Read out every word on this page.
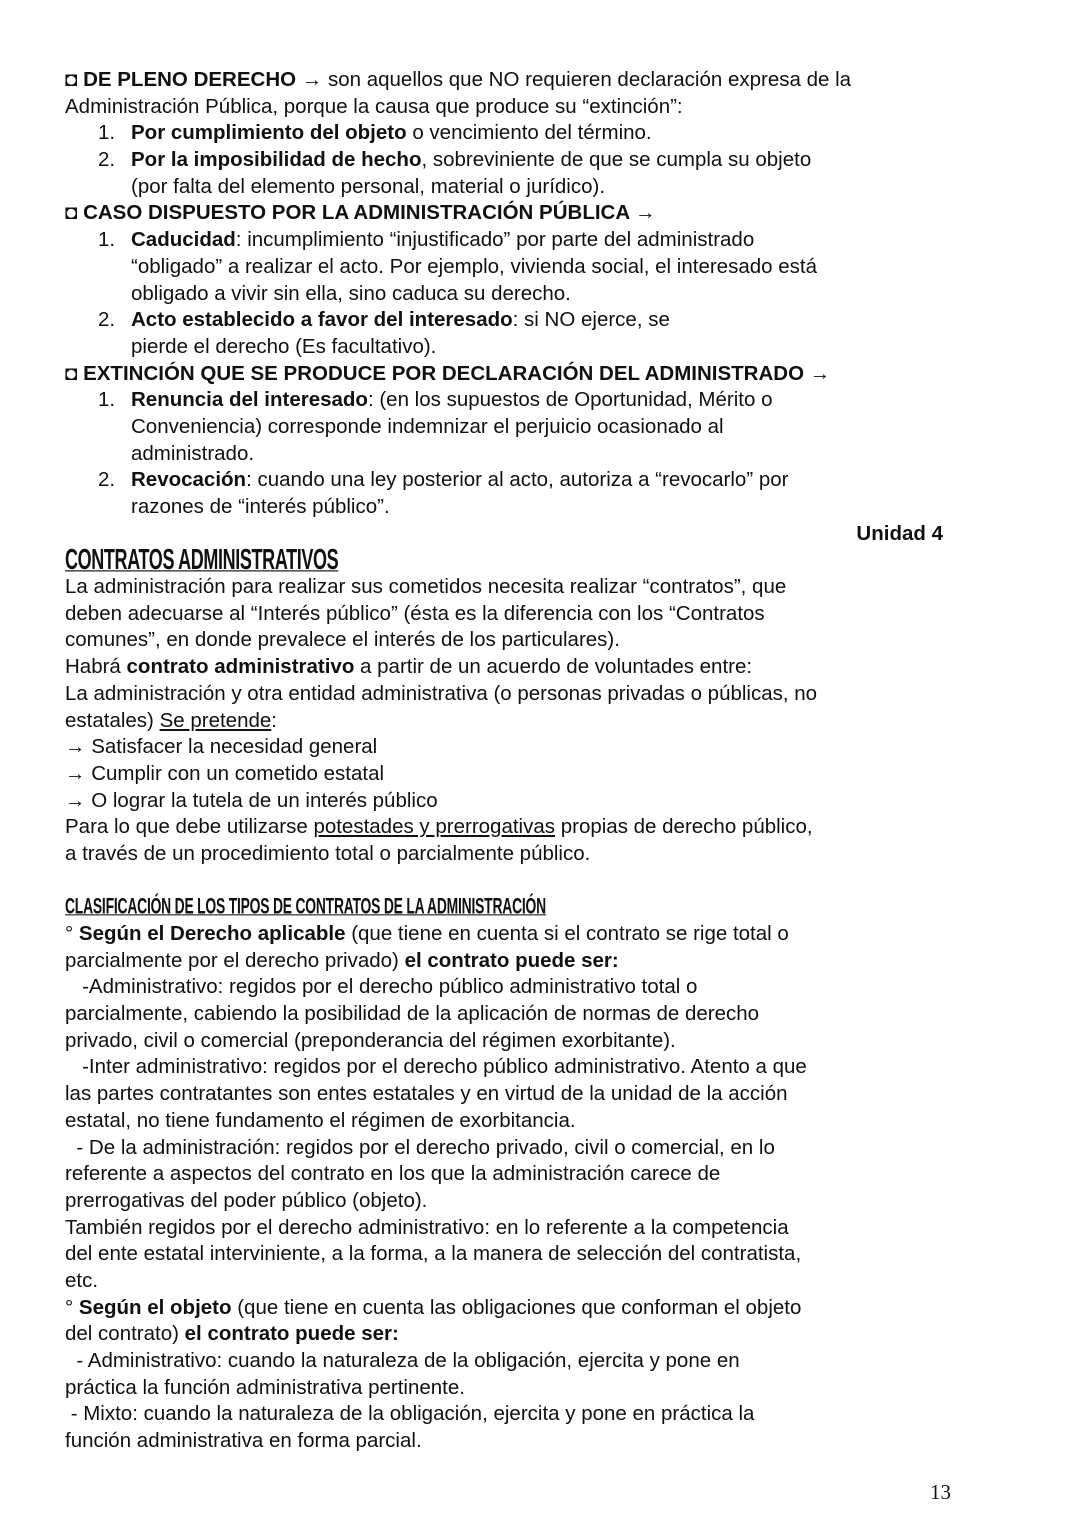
◘ DE PLENO DERECHO → son aquellos que NO requieren declaración expresa de la
Administración Pública, porque la causa que produce su “extinción”:
1. Por cumplimiento del objeto o vencimiento del término.
2. Por la imposibilidad de hecho, sobreviniente de que se cumpla su objeto
(por falta del elemento personal, material o jurídico).
◘ CASO DISPUESTO POR LA ADMINISTRACIÓN PÚBLICA →
1. Caducidad: incumplimiento “injustificado” por parte del administrado
“obligado” a realizar el acto. Por ejemplo, vivienda social, el interesado está
obligado a vivir sin ella, sino caduca su derecho.
2. Acto establecido a favor del interesado: si NO ejerce, se
pierde el derecho (Es facultativo).
◘ EXTINCIÓN QUE SE PRODUCE POR DECLARACIÓN DEL ADMINISTRADO →
1. Renuncia del interesado: (en los supuestos de Oportunidad, Mérito o
Conveniencia) corresponde indemnizar el perjuicio ocasionado al
administrado.
2. Revocación: cuando una ley posterior al acto, autoriza a “revocarlo” por
razones de “interés público”.
Unidad 4
CONTRATOS ADMINISTRATIVOS
La administración para realizar sus cometidos necesita realizar “contratos”, que
deben adecuarse al “Interés público” (ésta es la diferencia con los “Contratos
comunes”, en donde prevalece el interés de los particulares).
Habrá contrato administrativo a partir de un acuerdo de voluntades entre:
La administración y otra entidad administrativa (o personas privadas o públicas, no
estatales) Se pretende:
→ Satisfacer la necesidad general
→ Cumplir con un cometido estatal
→ O lograr la tutela de un interés público
Para lo que debe utilizarse potestades y prerrogativas propias de derecho público,
a través de un procedimiento total o parcialmente público.
CLASIFICACIÓN DE LOS TIPOS DE CONTRATOS DE LA ADMINISTRACIÓN
° Según el Derecho aplicable (que tiene en cuenta si el contrato se rige total o
parcialmente por el derecho privado) el contrato puede ser:
-Administrativo: regidos por el derecho público administrativo total o
parcialmente, cabiendo la posibilidad de la aplicación de normas de derecho
privado, civil o comercial (preponderancia del régimen exorbitante).
-Inter administrativo: regidos por el derecho público administrativo. Atento a que
las partes contratantes son entes estatales y en virtud de la unidad de la acción
estatal, no tiene fundamento el régimen de exorbitancia.
- De la administración: regidos por el derecho privado, civil o comercial, en lo
referente a aspectos del contrato en los que la administración carece de
prerrogativas del poder público (objeto).
También regidos por el derecho administrativo: en lo referente a la competencia
del ente estatal interviniente, a la forma, a la manera de selección del contratista,
etc.
° Según el objeto (que tiene en cuenta las obligaciones que conforman el objeto
del contrato) el contrato puede ser:
- Administrativo: cuando la naturaleza de la obligación, ejercita y pone en
práctica la función administrativa pertinente.
- Mixto: cuando la naturaleza de la obligación, ejercita y pone en práctica la
función administrativa en forma parcial.
13
